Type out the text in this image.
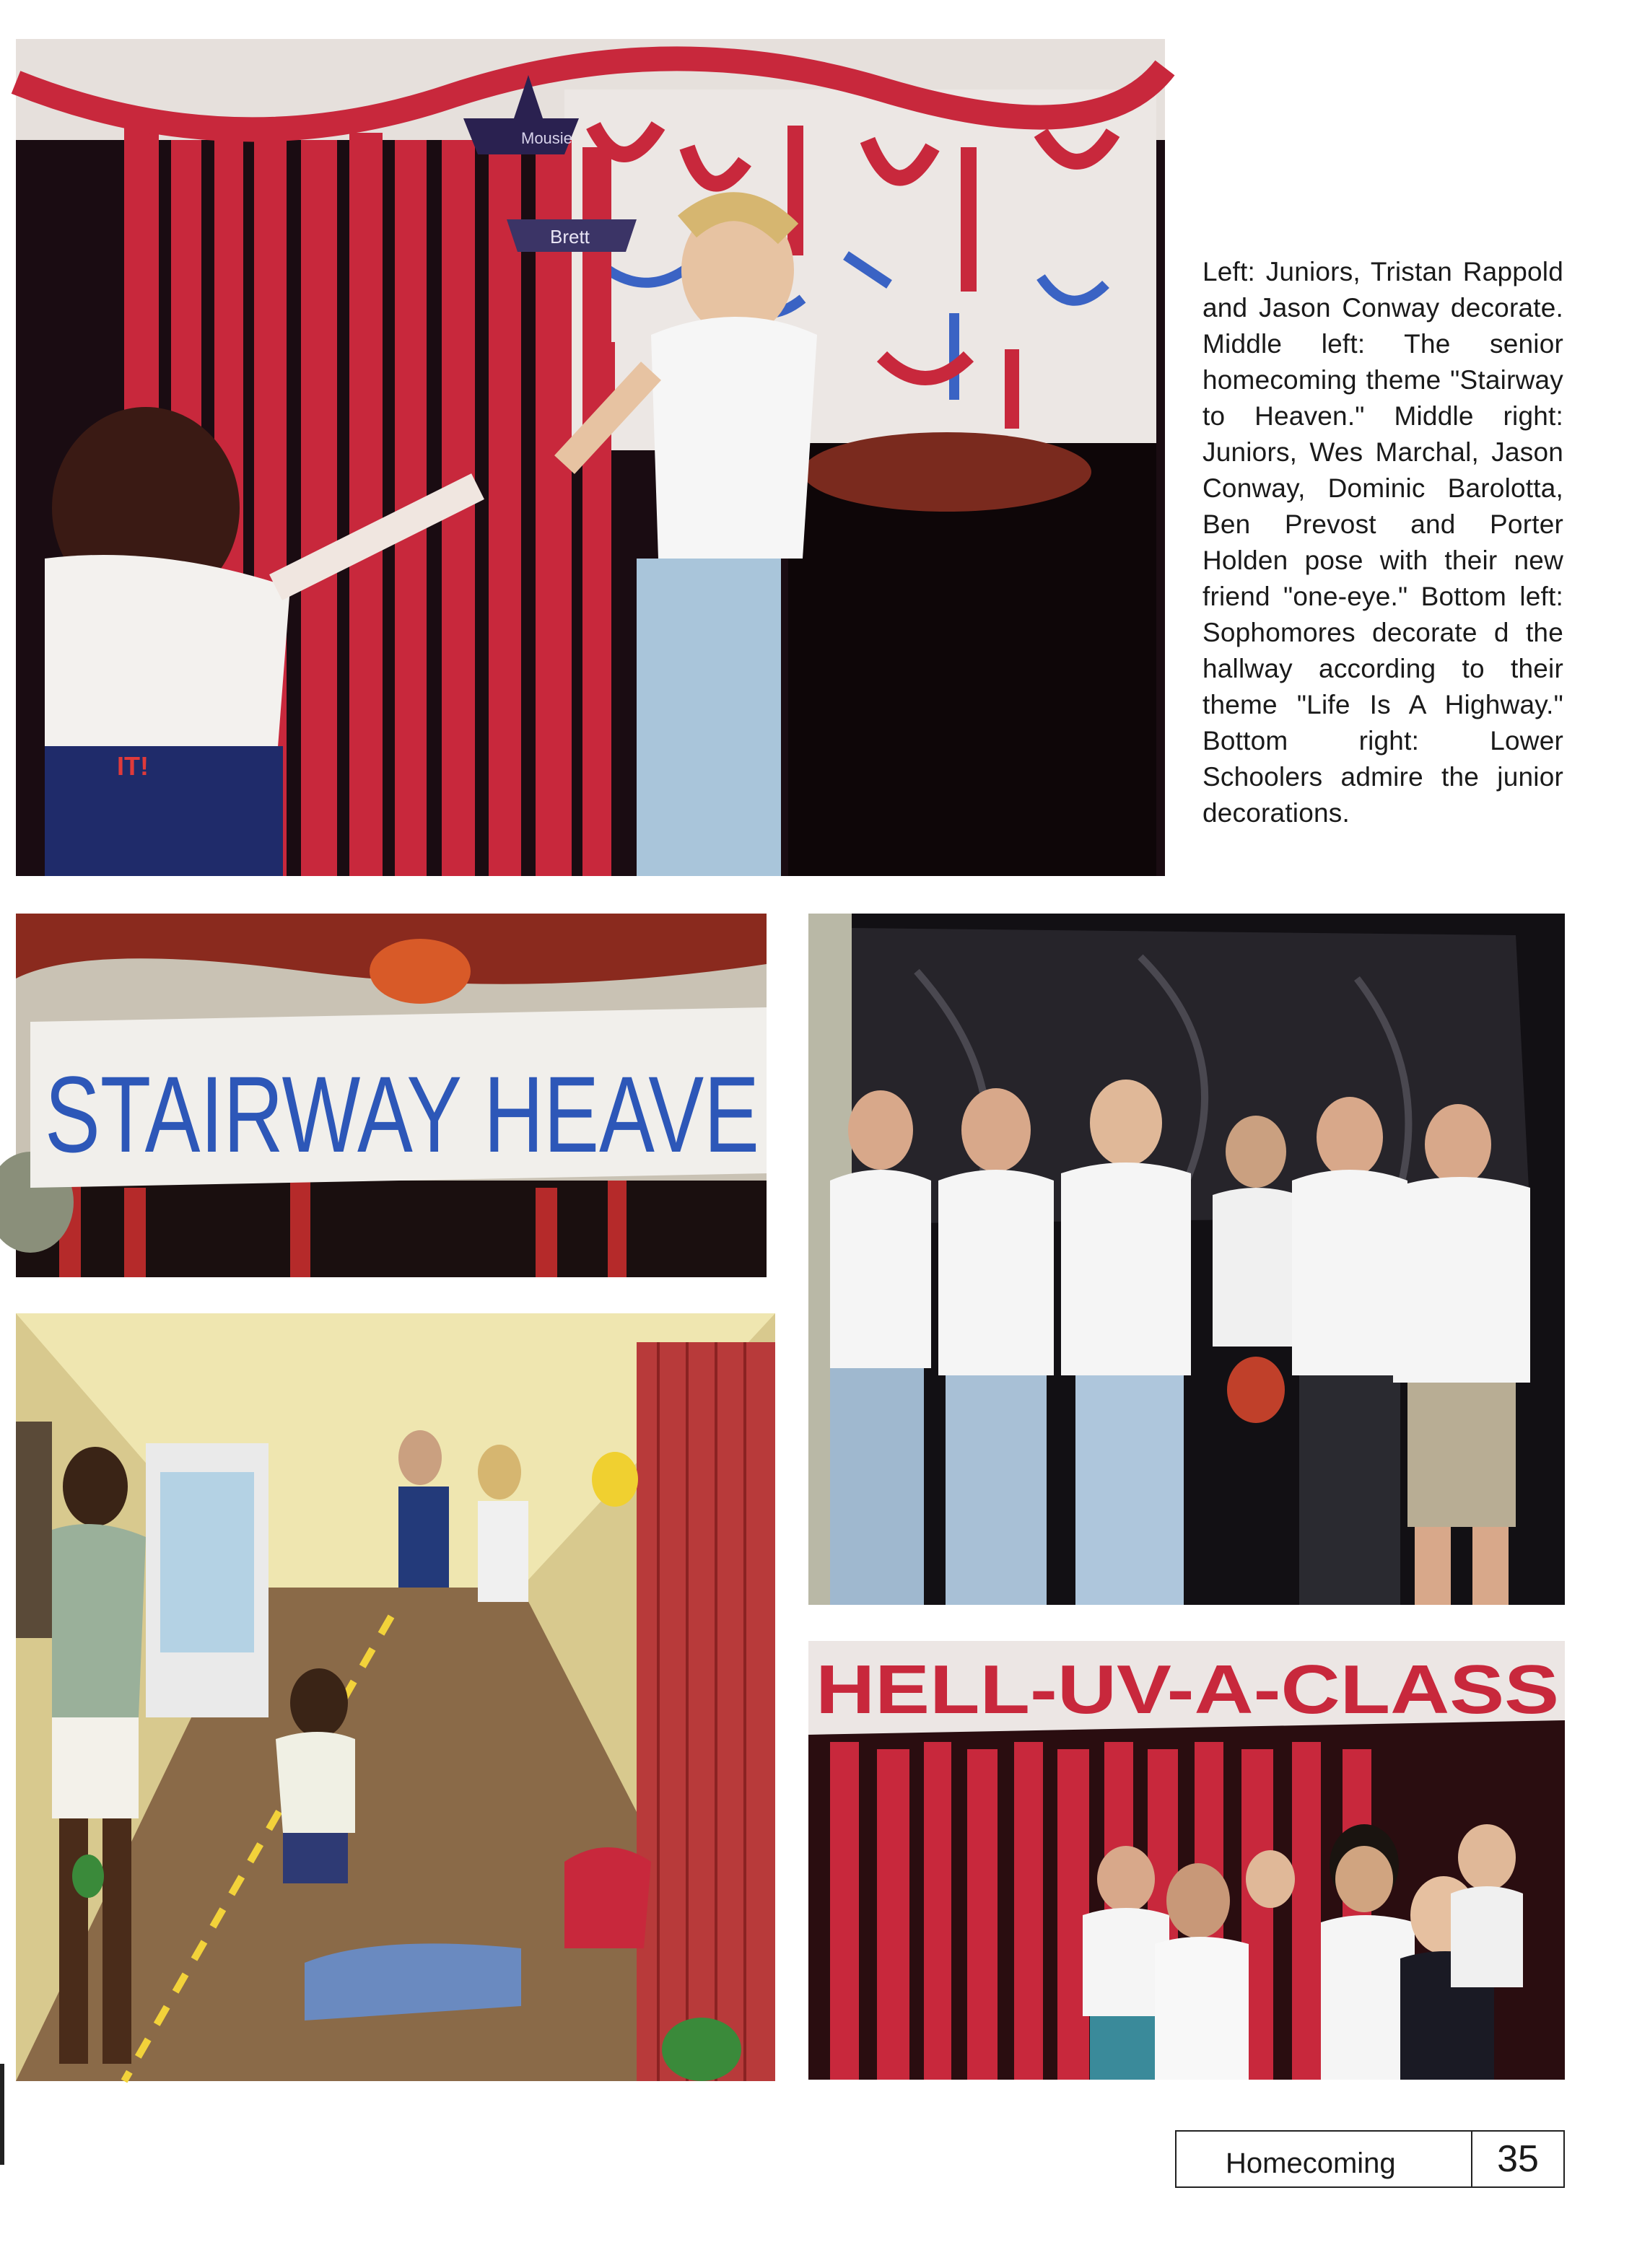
Mousie
Brett
IT!
Left: Juniors, Tristan Rappold and Jason Conway decorate. Middle left: The senior homecoming theme "Stairway to Heaven." Middle right: Juniors, Wes Marchal, Jason Conway, Dominic Barolotta, Ben Prevost and Porter Holden pose with their new friend "one-eye." Bottom left: Sophomores decorate d the hallway according to their theme "Life Is A Highway." Bottom right: Lower Schoolers admire the junior decorations.
STAIRWAY HEAVE
HELL-UV-A-CLASS
Homecoming	35
